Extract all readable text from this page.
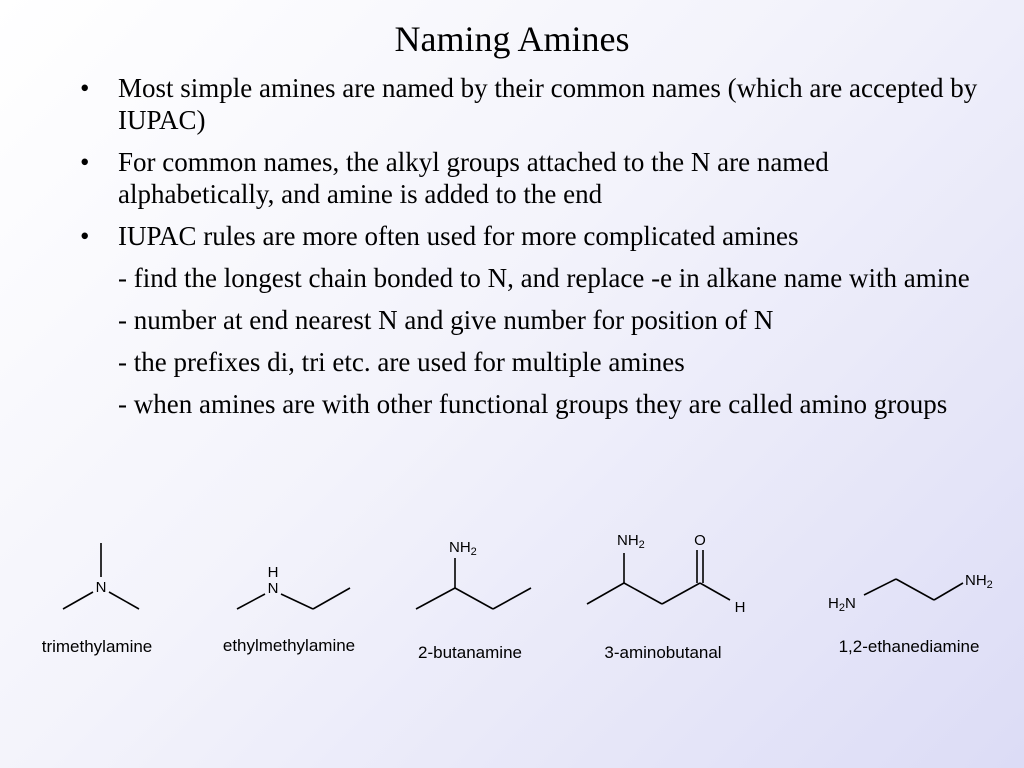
Naming Amines
• Most simple amines are named by their common names (which are accepted by IUPAC)
• For common names, the alkyl groups attached to the N are named alphabetically, and amine is added to the end
• IUPAC rules are more often used for more complicated amines
- find the longest chain bonded to N, and replace -e in alkane name with amine
- number at end nearest N and give number for position of N
- the prefixes di, tri etc. are used for multiple amines
- when amines are with other functional groups they are called amino groups
N
trimethylamine
H
N
ethylmethylamine
$NH_2$
2-butanamine
$NH_2$	O
H
3-aminobutanal
$H_2N$
$NH_2$
1,2-ethanediamine
